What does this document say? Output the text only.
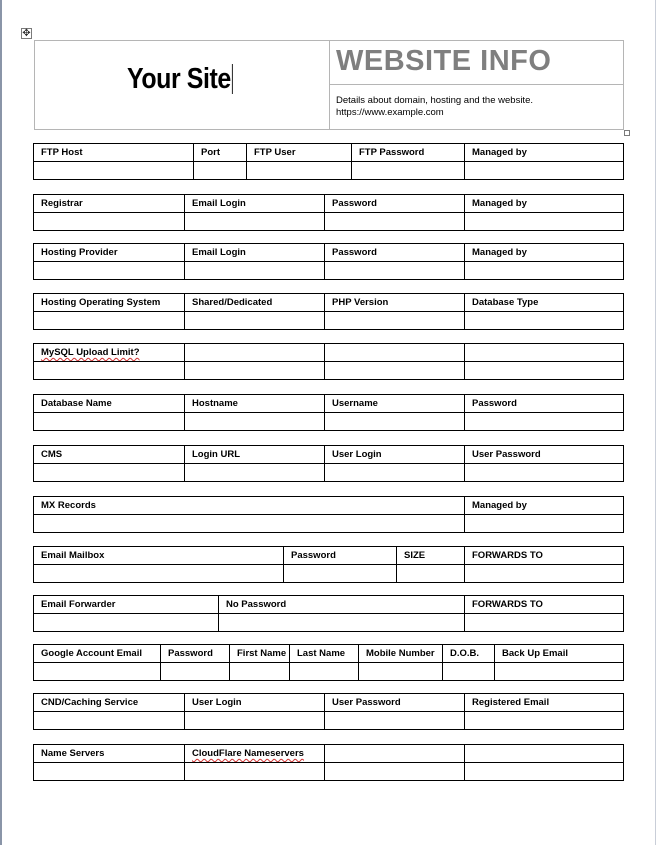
✥
Your Site
WEBSITE INFO
Details about domain, hosting and the website.
https://www.example.com
FTP Host	Port	FTP User	FTP Password	Managed by
Registrar	Email Login	Password	Managed by
Hosting Provider	Email Login	Password	Managed by
Hosting Operating System	Shared/Dedicated	PHP Version	Database Type
MySQL Upload Limit?
Database Name	Hostname	Username	Password
CMS	Login URL	User Login	User Password
MX Records	Managed by
Email Mailbox	Password	SIZE	FORWARDS TO
Email Forwarder	No Password	FORWARDS TO
Google Account Email	Password	First Name	Last Name	Mobile Number	D.O.B.	Back Up Email
CND/Caching Service	User Login	User Password	Registered Email
Name Servers	CloudFlare Nameservers
